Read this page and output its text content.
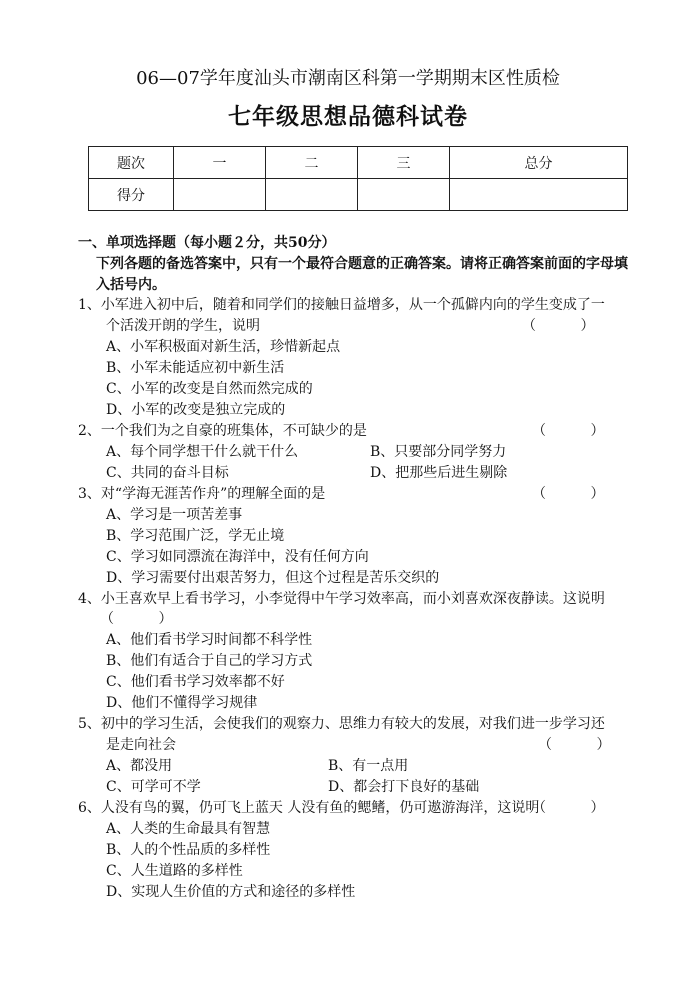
06—07学年度汕头市潮南区科第一学期期末区性质检
七年级思想品德科试卷
题次	一	二	三	总分
得分				
一、单项选择题（每小题２分，共50分）
下列各题的备选答案中，只有一个最符合题意的正确答案。请将正确答案前面的字母填入括号内。
1、小军进入初中后，随着和同学们的接触日益增多，从一个孤僻内向的学生变成了一
个活泼开朗的学生，说明	（          ）
A、小军积极面对新生活，珍惜新起点
B、小军未能适应初中新生活
C、小军的改变是自然而然完成的
D、小军的改变是独立完成的
2、一个我们为之自豪的班集体，不可缺少的是	（          ）
A、每个同学想干什么就干什么	B、只要部分同学努力
C、共同的奋斗目标	D、把那些后进生剔除
3、对“学海无涯苦作舟”的理解全面的是	（          ）
A、学习是一项苦差事
B、学习范围广泛，学无止境
C、学习如同漂流在海洋中，没有任何方向
D、学习需要付出艰苦努力，但这个过程是苦乐交织的
4、小王喜欢早上看书学习，小李觉得中午学习效率高，而小刘喜欢深夜静读。这说明
（          ）
A、他们看书学习时间都不科学性
B、他们有适合于自己的学习方式
C、他们看书学习效率都不好
D、他们不懂得学习规律
5、初中的学习生活，会使我们的观察力、思维力有较大的发展，对我们进一步学习还
是走向社会	（          ）
A、都没用	B、有一点用
C、可学可不学	D、都会打下良好的基础
6、人没有鸟的翼，仍可飞上蓝天 人没有鱼的鳃鳍，仍可遨游海洋，这说明
（          ）
A、人类的生命最具有智慧
B、人的个性品质的多样性
C、人生道路的多样性
D、实现人生价值的方式和途径的多样性
